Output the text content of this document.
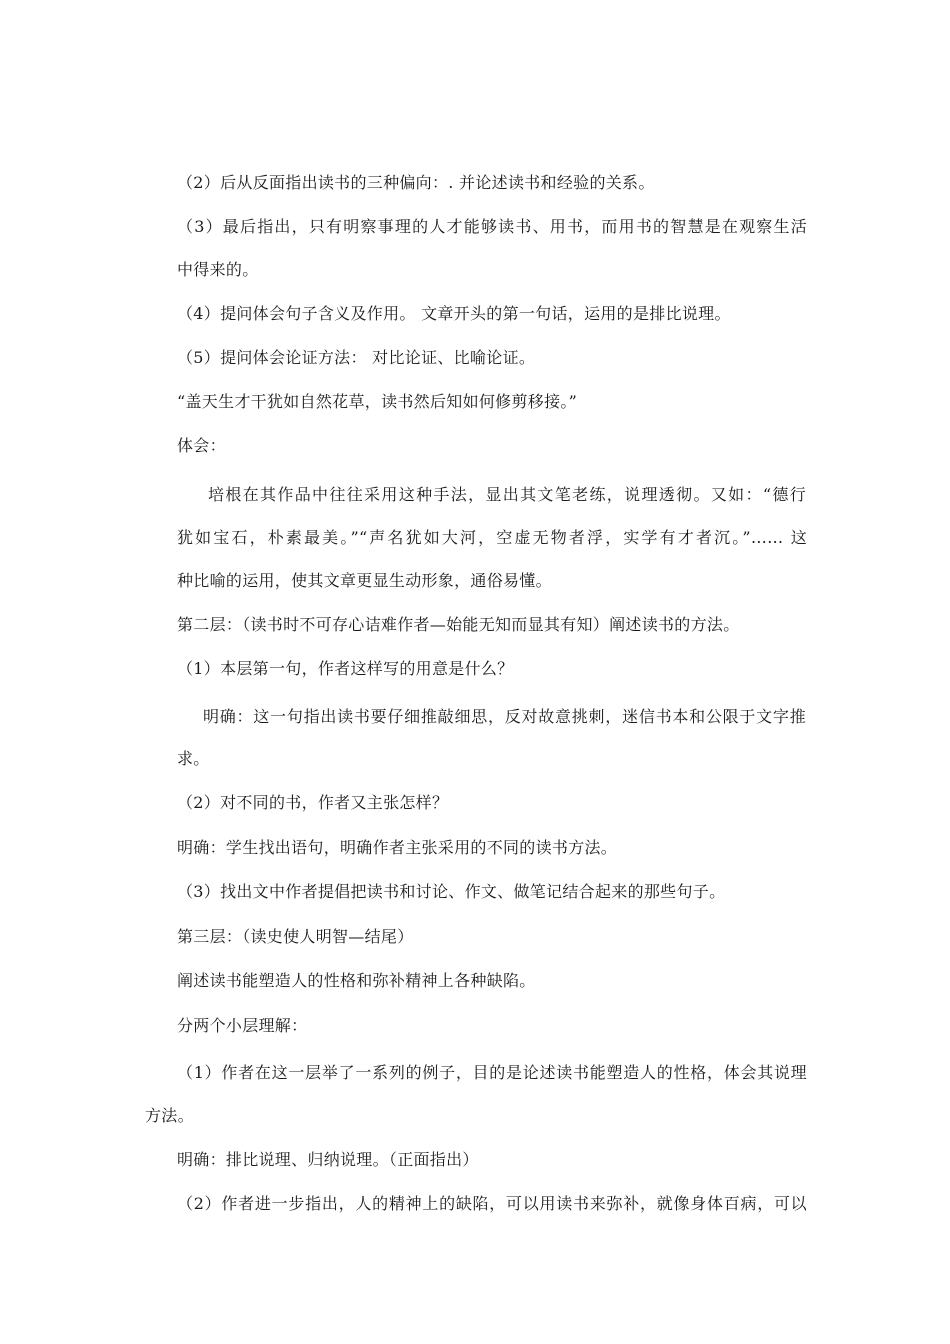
（2）后从反面指出读书的三种偏向：. 并论述读书和经验的关系。
（3）最后指出，只有明察事理的人才能够读书、用书，而用书的智慧是在观察生活
中得来的。
（4）提问体会句子含义及作用。 文章开头的第一句话，运用的是排比说理。
（5）提问体会论证方法： 对比论证、比喻论证。
“盖天生才干犹如自然花草，读书然后知如何修剪移接。”
体会：
培根在其作品中往往采用这种手法，显出其文笔老练，说理透彻。又如：“德行
犹如宝石，朴素最美。”“声名犹如大河，空虚无物者浮，实学有才者沉。”…… 这
种比喻的运用，使其文章更显生动形象，通俗易懂。
第二层：（读书时不可存心诘难作者—始能无知而显其有知）阐述读书的方法。
（1）本层第一句，作者这样写的用意是什么？
明确：这一句指出读书要仔细推敲细思，反对故意挑刺，迷信书本和公限于文字推
求。
（2）对不同的书，作者又主张怎样？
明确：学生找出语句，明确作者主张采用的不同的读书方法。
（3）找出文中作者提倡把读书和讨论、作文、做笔记结合起来的那些句子。
第三层：（读史使人明智—结尾）
阐述读书能塑造人的性格和弥补精神上各种缺陷。
分两个小层理解：
（1）作者在这一层举了一系列的例子，目的是论述读书能塑造人的性格，体会其说理
方法。
明确：排比说理、归纳说理。（正面指出）
（2）作者进一步指出，人的精神上的缺陷，可以用读书来弥补，就像身体百病，可以
